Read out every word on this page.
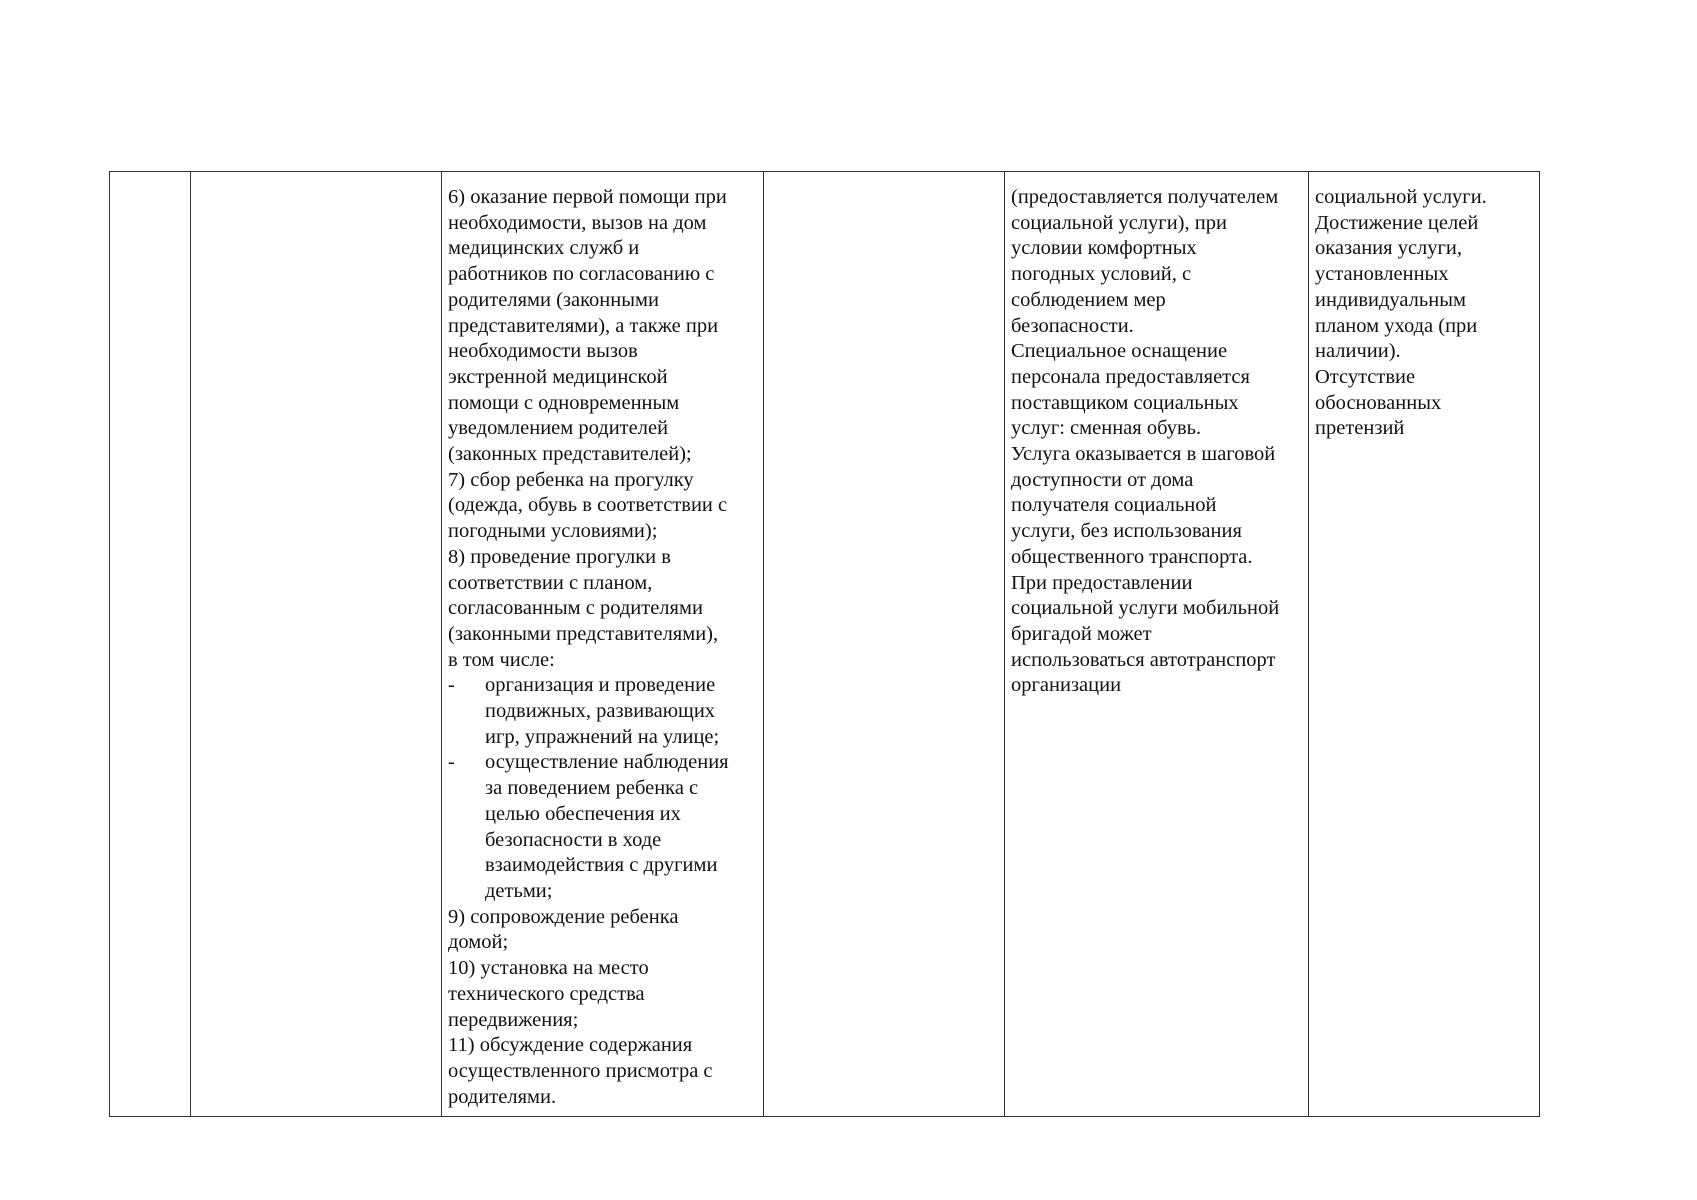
6) оказание первой помощи при
необходимости, вызов на дом
медицинских служб и
работников по согласованию с
родителями (законными
представителями), а также при
необходимости вызов
экстренной медицинской
помощи с одновременным
уведомлением родителей
(законных представителей);
7) сбор ребенка на прогулку
(одежда, обувь в соответствии с
погодными условиями);
8) проведение прогулки в
соответствии с планом,
согласованным с родителями
(законными представителями),
в том числе:
- организация и проведение
подвижных, развивающих
игр, упражнений на улице;
- осуществление наблюдения
за поведением ребенка с
целью обеспечения их
безопасности в ходе
взаимодействия с другими
детьми;
9) сопровождение ребенка
домой;
10) установка на место
технического средства
передвижения;
11) обсуждение содержания
осуществленного присмотра с
родителями.

(предоставляется получателем
социальной услуги), при
условии комфортных
погодных условий, с
соблюдением мер
безопасности.
Специальное оснащение
персонала предоставляется
поставщиком социальных
услуг: сменная обувь.
Услуга оказывается в шаговой
доступности от дома
получателя социальной
услуги, без использования
общественного транспорта.
При предоставлении
социальной услуги мобильной
бригадой может
использоваться автотранспорт
организации

социальной услуги.
Достижение целей
оказания услуги,
установленных
индивидуальным
планом ухода (при
наличии).
Отсутствие
обоснованных
претензий
